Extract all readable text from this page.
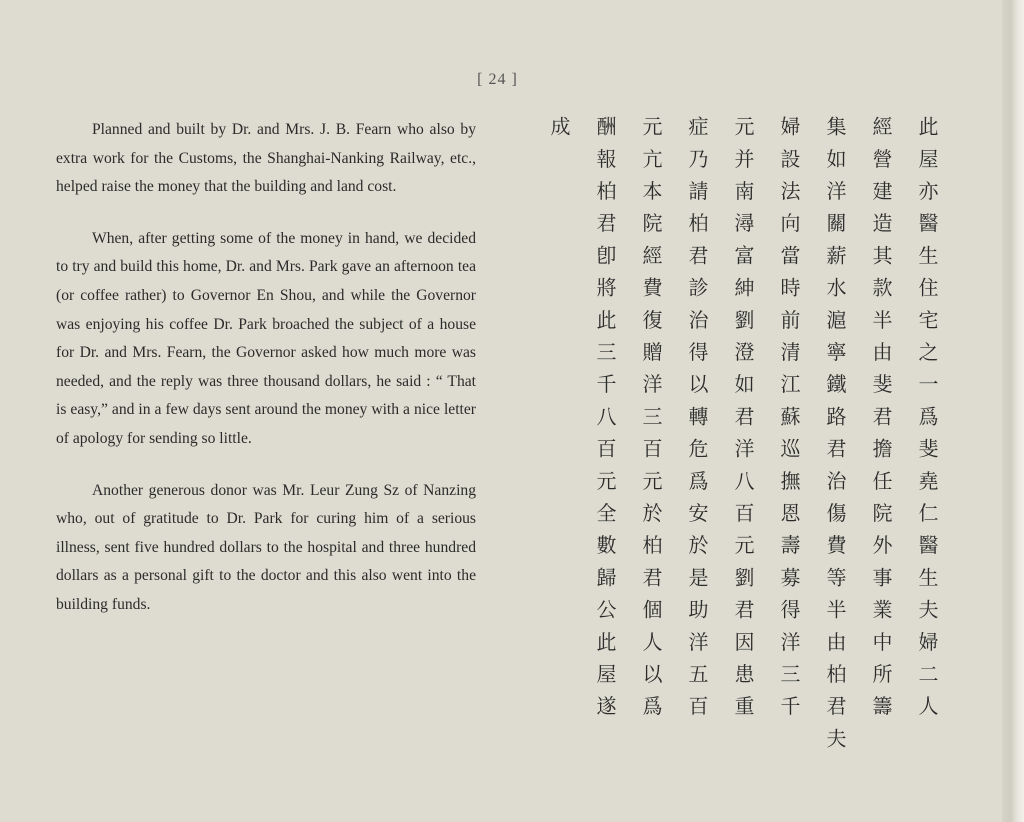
[ 24 ]

Planned and built by Dr. and Mrs. J. B. Fearn who also by extra work for the Customs, the Shanghai-Nanking Railway, etc., helped raise the money that the building and land cost.

When, after getting some of the money in hand, we decided to try and build this home, Dr. and Mrs. Park gave an afternoon tea (or coffee rather) to Governor En Shou, and while the Governor was enjoying his coffee Dr. Park broached the subject of a house for Dr. and Mrs. Fearn, the Governor asked how much more was needed, and the reply was three thousand dollars, he said : “ That is easy,” and in a few days sent around the money with a nice letter of apology for sending so little.

Another generous donor was Mr. Leur Zung Sz of Nanzing who, out of gratitude to Dr. Park for curing him of a serious illness, sent five hundred dollars to the hospital and three hundred dollars as a personal gift to the doctor and this also went into the building funds.	此屋亦醫生住宅之一爲斐堯仁醫生夫婦二人
經營建造其款半由斐君擔任院外事業中所籌
集如洋關薪水滬寧鐵路君治傷費等半由柏君夫
婦設法向當時前清江蘇巡撫恩壽募得洋三千
元并南潯富紳劉澄如君洋八百元劉君因患重
症乃請柏君診治得以轉危爲安於是助洋五百
元亢本院經費復贈洋三百元於柏君個人以爲
酬報柏君卽將此三千八百元全數歸公此屋遂
成
